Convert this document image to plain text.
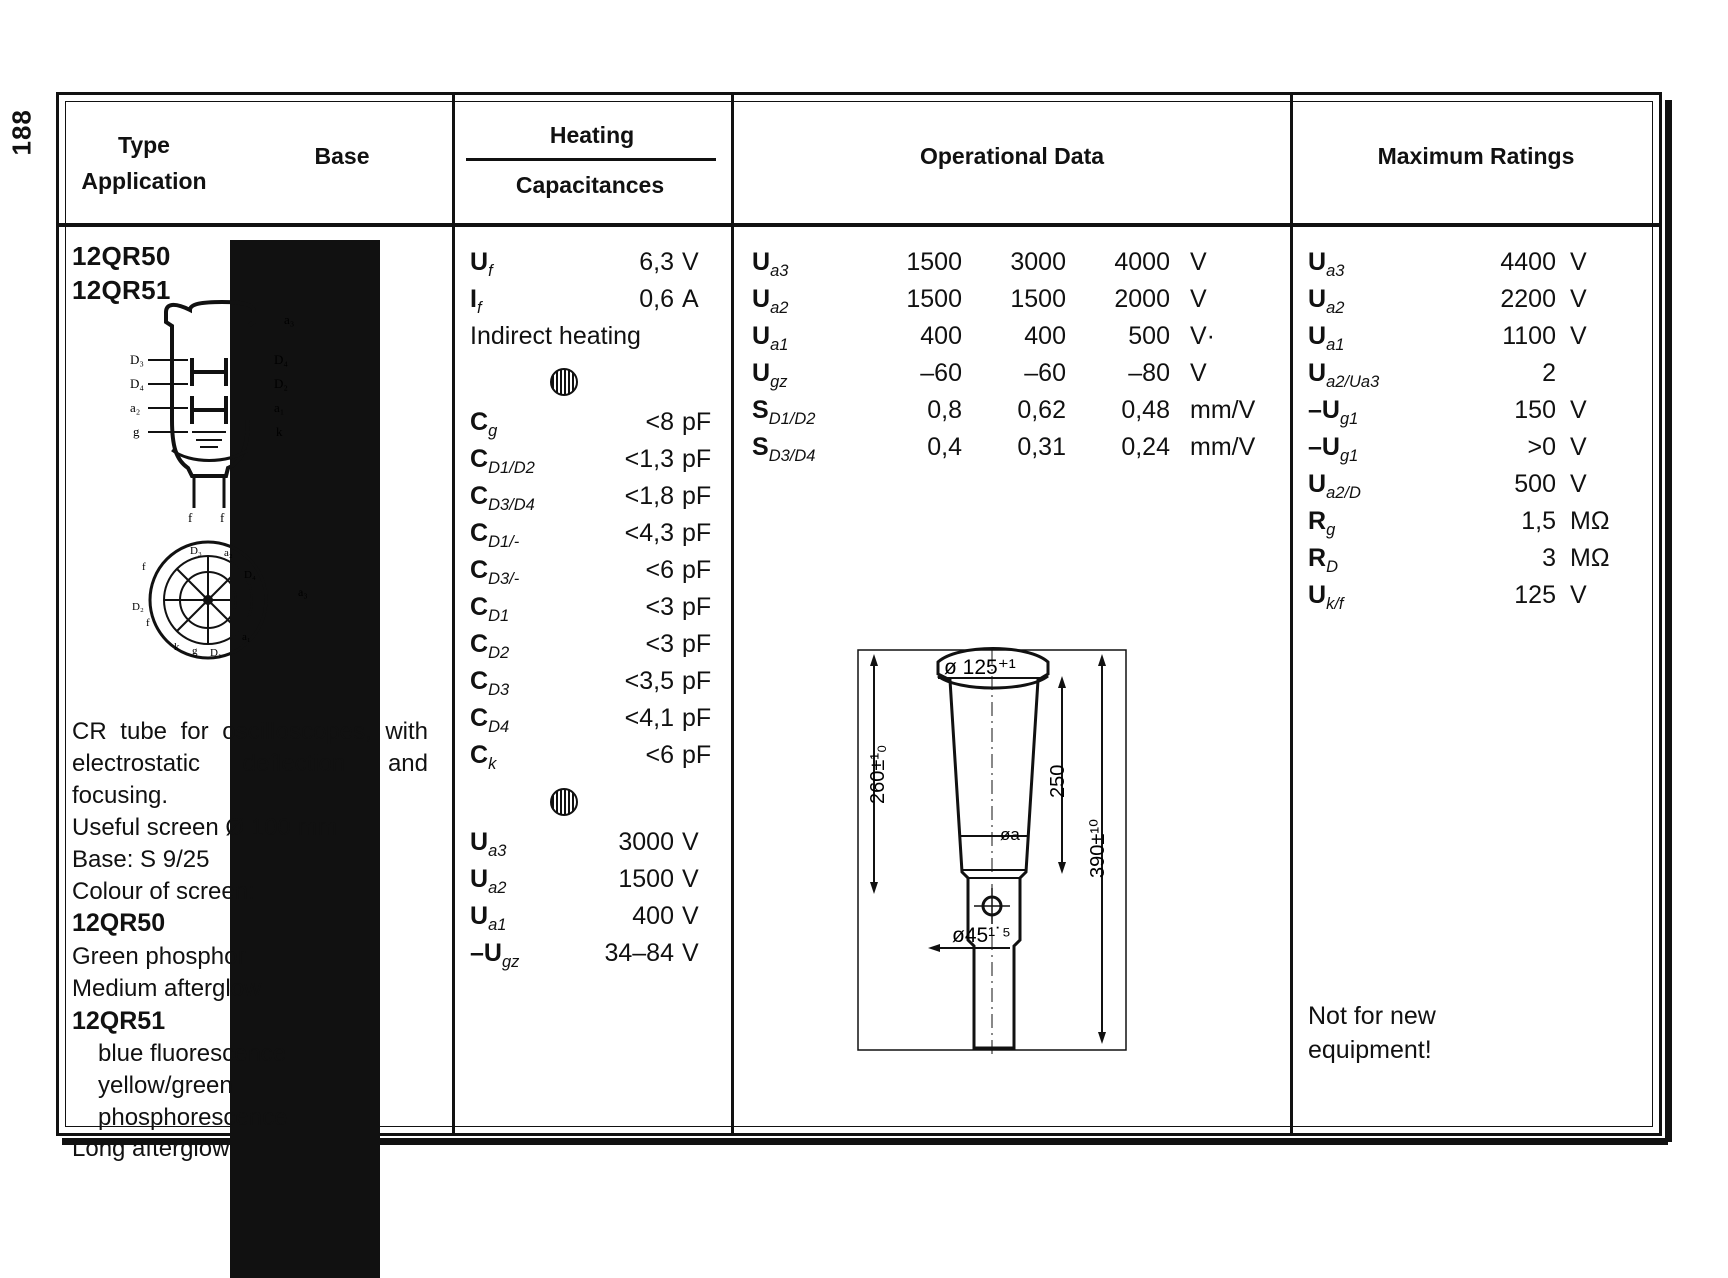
188	Type
Application
Base
Heating
Capacitances
Operational Data	Maximum Ratings
12QR50
12QR51
a₃
D₃
D₄
a₂
g
D₄
D₂
a₁
k
f f
a₃
f
D₃ a₂
D₄
D₂
f
k g D₁
a₁
CR tube for oscilloscopes, with electrostatic deflection and focusing.
Useful screen Ø 100 mm
Base: S 9/25
Colour of screen:
12QR50
Green phosphor
Medium afterglow
12QR51
blue fluorescence
yellow/green phosphorescence
Long afterglow
$U_f$	6,3 V
$I_f$	0,6 A
Indirect heating
$C_g$	<8 pF
$C_{D1/D2}$	<1,3 pF
$C_{D3/D4}$	<1,8 pF
$C_{D1/-}$	<4,3 pF
$C_{D3/-}$	<6 pF
$C_{D1}$	<3 pF
$C_{D2}$	<3 pF
$C_{D3}$	<3,5 pF
$C_{D4}$	<4,1 pF
$C_k$	<6 pF
$U_{a3}$	3000 V
$U_{a2}$	1500 V
$U_{a1}$	400 V
$-U_{gz}$	34–84 V
$U_{a3}$	1500	3000	4000 V
$U_{a2}$	1500	1500	2000 V
$U_{a1}$	400	400	500 V·
$U_{gz}$	–60	–60	–80 V
$S_{D1/D2}$	0,8	0,62	0,48 mm/V
$S_{D3/D4}$	0,4	0,31	0,24 mm/V
260±¹₀	250
390±¹⁰
ø 125⁺¹
øa
ø45¹˙⁵
$U_{a3}$	4400 V
$U_{a2}$	2200 V
$U_{a1}$	1100 V
$U_{a2/Ua3}$	2
$-U_{g1}$	150 V
$-U_{g1}$	>0 V
$U_{a2/D}$	500 V
$R_g$	1,5 MΩ
$R_D$	3 MΩ
$U_{k/f}$	125 V
Not for new
equipment!
